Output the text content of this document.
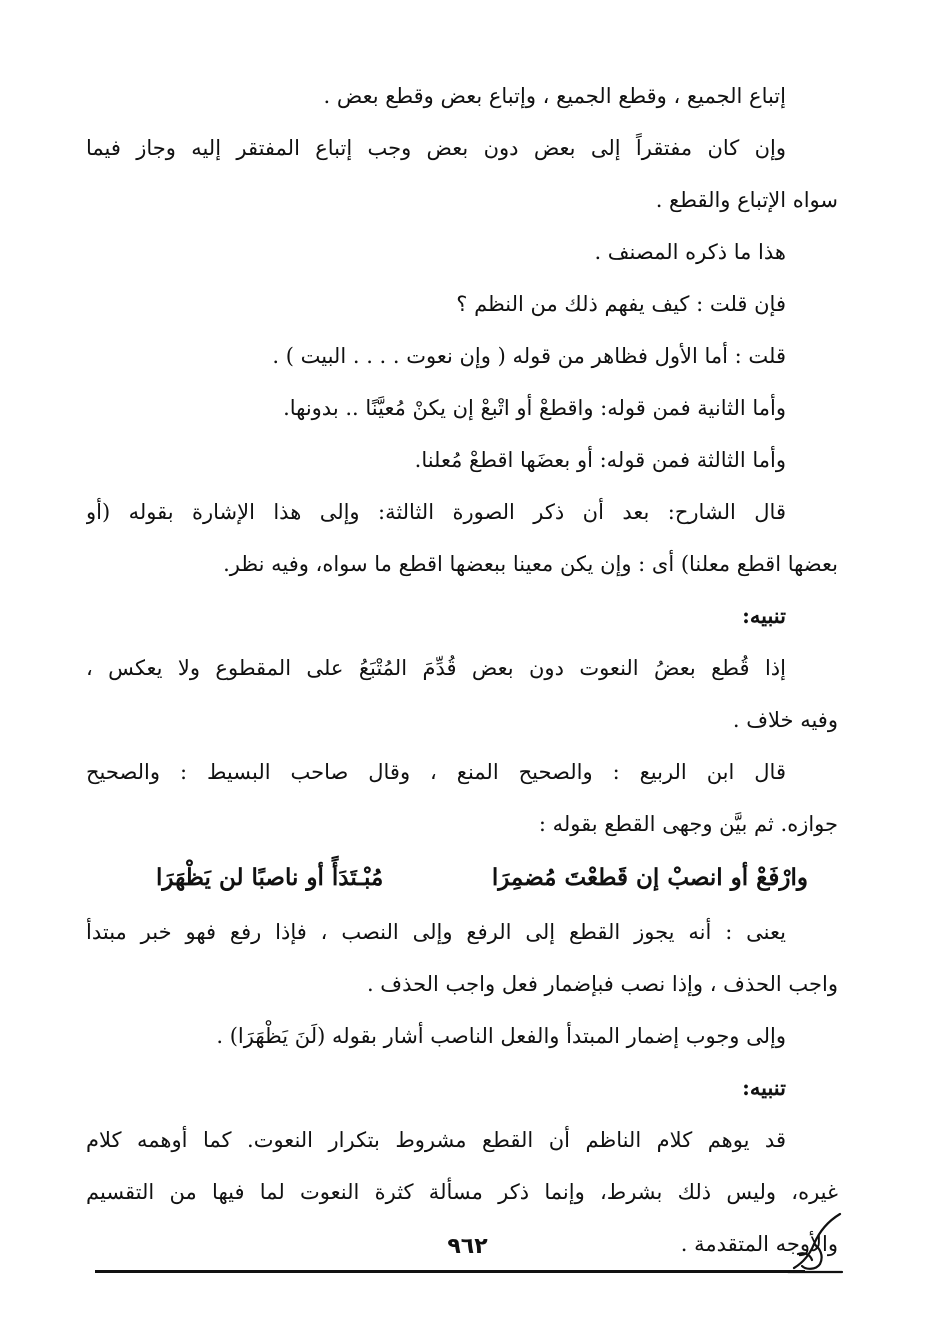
إتباع الجميع ، وقطع الجميع ، وإتباع بعض وقطع بعض .
وإن كان مفتقراً إلى بعض دون بعض وجب إتباع المفتقر إليه وجاز فيما
سواه الإتباع والقطع .
هذا ما ذكره المصنف .
فإن قلت : كيف يفهم ذلك من النظم ؟
قلت : أما الأول فظاهر من قوله ( وإن نعوت . . . . البيت ) .
وأما الثانية فمن قوله: واقطعْ أو اتْبعْ إن يكنْ مُعيَّنًا .. بدونها.
وأما الثالثة فمن قوله: أو بعضَها اقطعْ مُعلنا.
قال الشارح: بعد أن ذكر الصورة الثالثة: وإلى هذا الإشارة بقوله (أو
بعضها اقطع معلنا) أى : وإن يكن معينا ببعضها اقطع ما سواه، وفيه نظر.
تنبيه:
إذا قُطع بعضُ النعوت دون بعض قُدِّمَ المُتْبَعُ على المقطوع ولا يعكس ،
وفيه خلاف .
قال ابن الربيع : والصحيح المنع ، وقال صاحب البسيط : والصحيح
جوازه. ثم بيَّن وجهى القطع بقوله :
وارْفَعْ أو انصبْ إن قَطعْتَ مُضمِرَا
مُبْـتَدَأً أو ناصبًا لن يَظْهَرَا
يعنى : أنه يجوز القطع إلى الرفع وإلى النصب ، فإذا رفع فهو خبر مبتدأ
واجب الحذف ، وإذا نصب فبإضمار فعل واجب الحذف .
وإلى وجوب إضمار المبتدأ والفعل الناصب أشار بقوله (لَنَ يَظْهَرَا) .
تنبيه:
قد يوهم كلام الناظم أن القطع مشروط بتكرار النعوت. كما أوهمه كلام
غيره، وليس ذلك بشرط، وإنما ذكر مسألة كثرة النعوت لما فيها من التقسيم
والأوجه المتقدمة .
٩٦٢
